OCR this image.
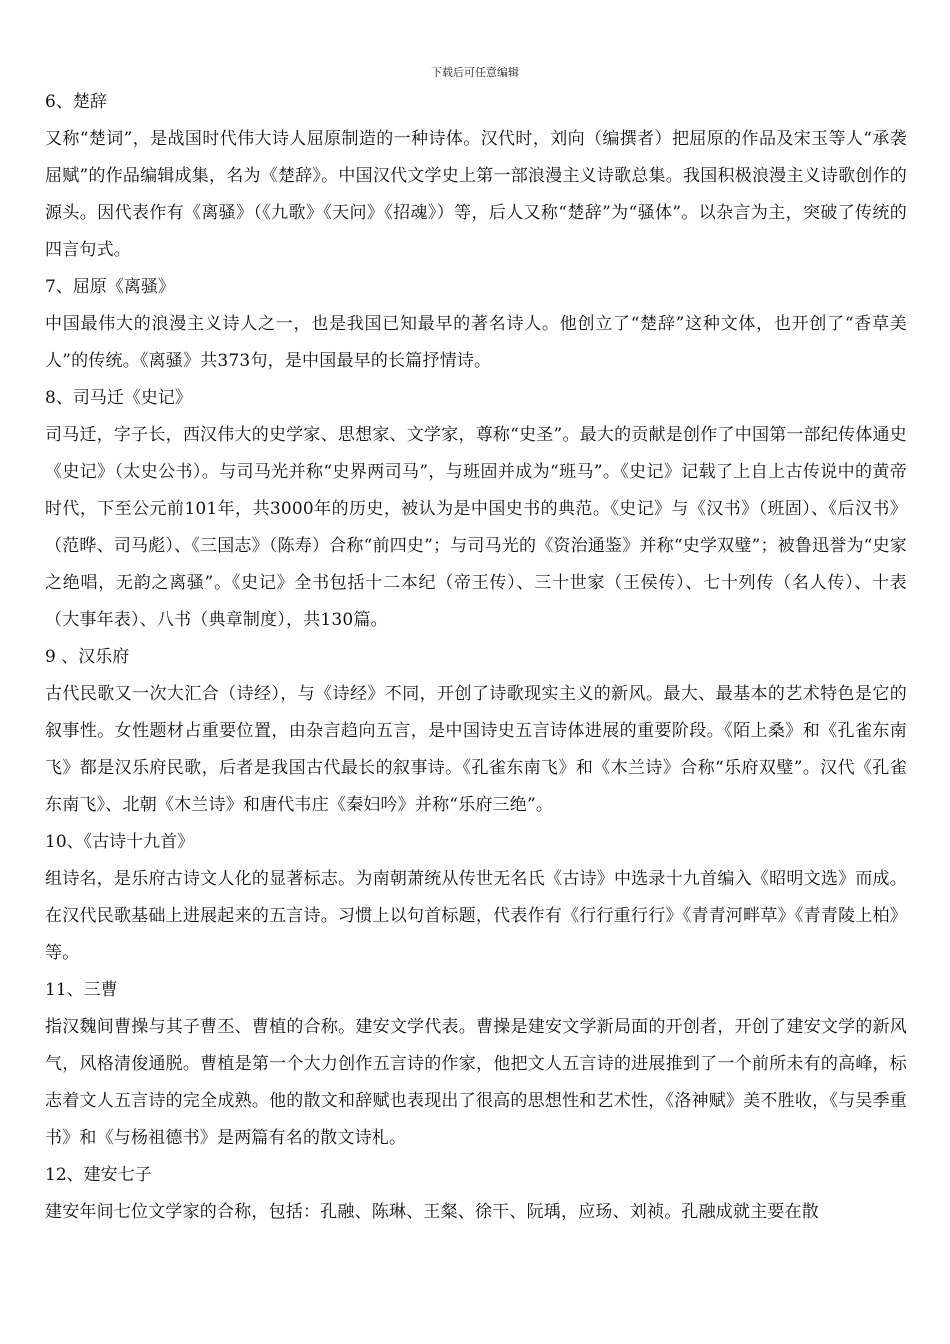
下载后可任意编辑
6、楚辞

又称“楚词”，是战国时代伟大诗人屈原制造的一种诗体。汉代时，刘向（编撰者）把屈原的作品及宋玉等人“承袭屈赋”的作品编辑成集，名为《楚辞》。中国汉代文学史上第一部浪漫主义诗歌总集。我国积极浪漫主义诗歌创作的源头。因代表作有《离骚》（《九歌》《天问》《招魂》）等，后人又称“楚辞”为“骚体”。以杂言为主，突破了传统的四言句式。

7、屈原《离骚》

中国最伟大的浪漫主义诗人之一，也是我国已知最早的著名诗人。他创立了“楚辞”这种文体，也开创了“香草美人”的传统。《离骚》共373句，是中国最早的长篇抒情诗。

8、司马迁《史记》

司马迁，字子长，西汉伟大的史学家、思想家、文学家，尊称“史圣”。最大的贡献是创作了中国第一部纪传体通史《史记》（太史公书）。与司马光并称“史界两司马”，与班固并成为“班马”。《史记》记载了上自上古传说中的黄帝时代，下至公元前101年，共3000年的历史，被认为是中国史书的典范。《史记》与《汉书》（班固）、《后汉书》（范晔、司马彪）、《三国志》（陈寿）合称“前四史”；与司马光的《资治通鉴》并称“史学双璧”；被鲁迅誉为“史家之绝唱，无韵之离骚”。《史记》全书包括十二本纪（帝王传）、三十世家（王侯传）、七十列传（名人传）、十表（大事年表）、八书（典章制度），共130篇。

9 、汉乐府

古代民歌又一次大汇合（诗经），与《诗经》不同，开创了诗歌现实主义的新风。最大、最基本的艺术特色是它的叙事性。女性题材占重要位置，由杂言趋向五言，是中国诗史五言诗体进展的重要阶段。《陌上桑》和《孔雀东南飞》都是汉乐府民歌，后者是我国古代最长的叙事诗。《孔雀东南飞》和《木兰诗》合称“乐府双璧”。汉代《孔雀东南飞》、北朝《木兰诗》和唐代韦庄《秦妇吟》并称“乐府三绝”。

10、《古诗十九首》

组诗名，是乐府古诗文人化的显著标志。为南朝萧统从传世无名氏《古诗》中选录十九首编入《昭明文选》而成。在汉代民歌基础上进展起来的五言诗。习惯上以句首标题，代表作有《行行重行行》《青青河畔草》《青青陵上柏》等。

11、三曹

指汉魏间曹操与其子曹丕、曹植的合称。建安文学代表。曹操是建安文学新局面的开创者，开创了建安文学的新风气，风格清俊通脱。曹植是第一个大力创作五言诗的作家，他把文人五言诗的进展推到了一个前所未有的高峰，标志着文人五言诗的完全成熟。他的散文和辞赋也表现出了很高的思想性和艺术性，《洛神赋》美不胜收，《与吴季重书》和《与杨祖德书》是两篇有名的散文诗札。

12、建安七子

建安年间七位文学家的合称，包括：孔融、陈琳、王粲、徐干、阮瑀，应玚、刘祯。孔融成就主要在散
